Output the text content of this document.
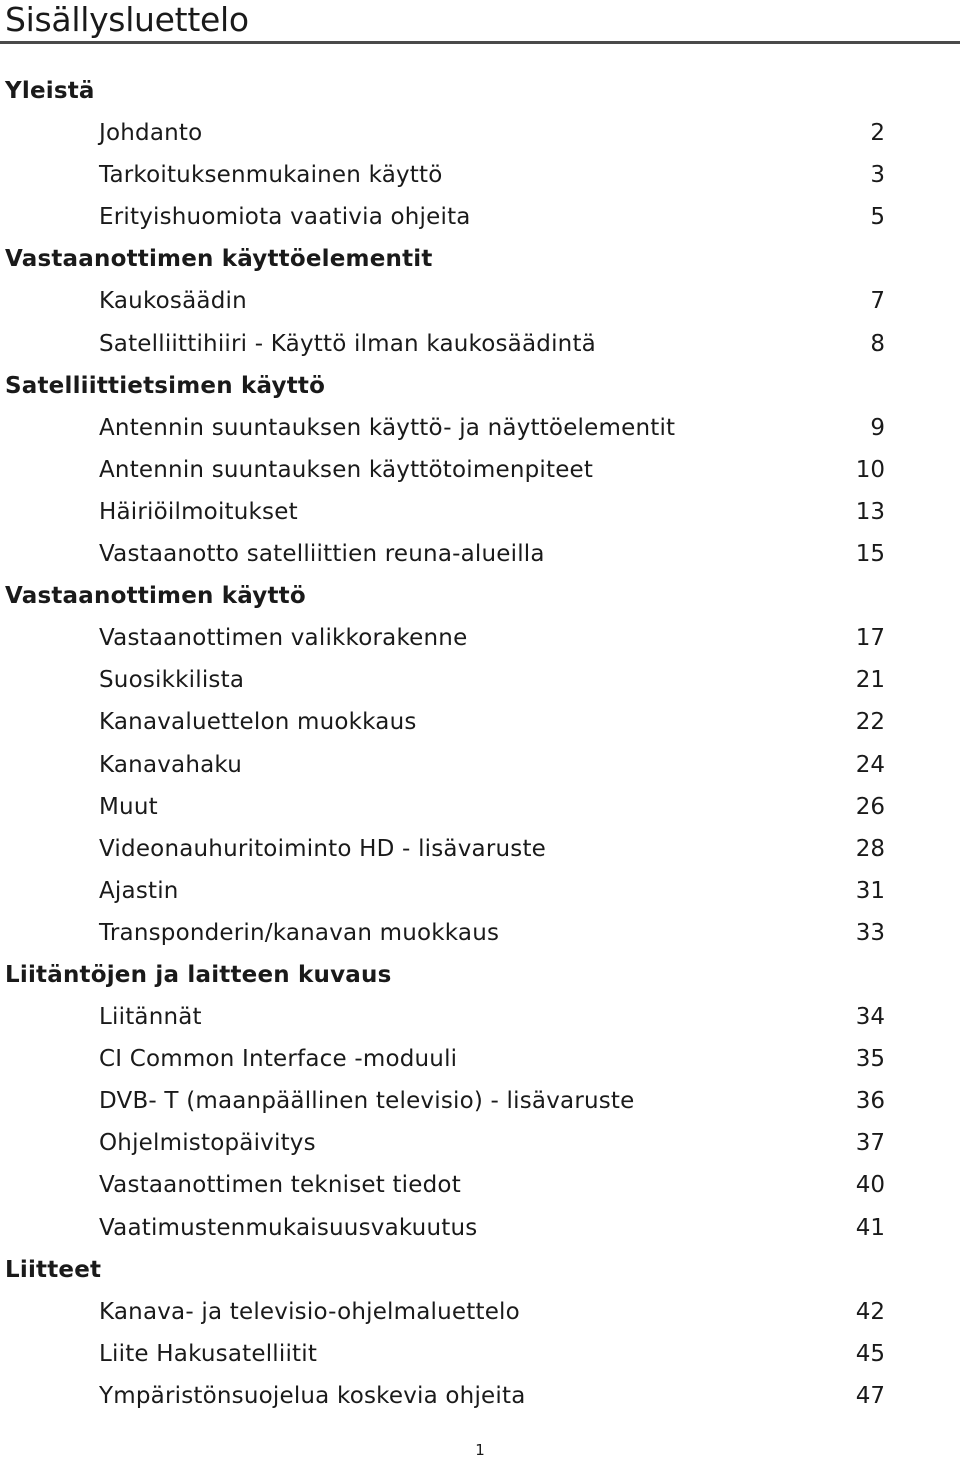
Sisällysluettelo
Yleistä
Johdanto	2
Tarkoituksenmukainen käyttö	3
Erityishuomiota vaativia ohjeita	5
Vastaanottimen käyttöelementit
Kaukosäädin	7
Satelliittihiiri - Käyttö ilman kaukosäädintä	8
Satelliittietsimen käyttö
Antennin suuntauksen käyttö- ja näyttöelementit	9
Antennin suuntauksen käyttötoimenpiteet	10
Häiriöilmoitukset	13
Vastaanotto satelliittien reuna-alueilla	15
Vastaanottimen käyttö
Vastaanottimen valikkorakenne	17
Suosikkilista	21
Kanavaluettelon muokkaus	22
Kanavahaku	24
Muut	26
Videonauhuritoiminto HD - lisävaruste	28
Ajastin	31
Transponderin/kanavan muokkaus	33
Liitäntöjen ja laitteen kuvaus
Liitännät	34
CI Common Interface -moduuli	35
DVB- T (maanpäällinen televisio) - lisävaruste	36
Ohjelmistopäivitys	37
Vastaanottimen tekniset tiedot	40
Vaatimustenmukaisuusvakuutus	41
Liitteet
Kanava- ja televisio-ohjelmaluettelo	42
Liite Hakusatelliitit	45
Ympäristönsuojelua koskevia ohjeita	47
1
